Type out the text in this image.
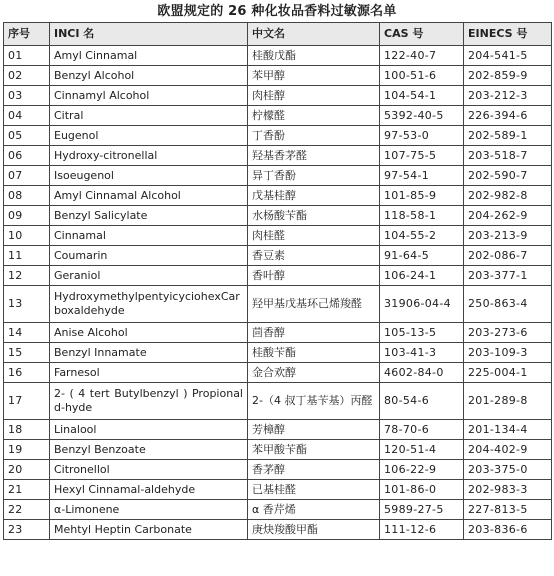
欧盟规定的 26 种化妆品香料过敏源名单
序号	INCI 名	中文名	CAS 号	EINECS 号
01	Amyl Cinnamal	桂酸戊酯	122-40-7	204-541-5
02	Benzyl Alcohol	苯甲醇	100-51-6	202-859-9
03	Cinnamyl Alcohol	肉桂醇	104-54-1	203-212-3
04	Citral	柠檬醛	5392-40-5	226-394-6
05	Eugenol	丁香酚	97-53-0	202-589-1
06	Hydroxy-citronellal	羟基香茅醛	107-75-5	203-518-7
07	Isoeugenol	异丁香酚	97-54-1	202-590-7
08	Amyl Cinnamal Alcohol	戊基桂醇	101-85-9	202-982-8
09	Benzyl Salicylate	水杨酸苄酯	118-58-1	204-262-9
10	Cinnamal	肉桂醛	104-55-2	203-213-9
11	Coumarin	香豆素	91-64-5	202-086-7
12	Geraniol	香叶醇	106-24-1	203-377-1
13	HydroxymethylpentyicyciohexCarboxaldehyde	羟甲基戊基环己烯羧醛	31906-04-4	250-863-4
14	Anise Alcohol	茴香醇	105-13-5	203-273-6
15	Benzyl Innamate	桂酸苄酯	103-41-3	203-109-3
16	Farnesol	金合欢醇	4602-84-0	225-004-1
17	2- ( 4 tert Butylbenzyl ) Propionald-hyde	2-（4 叔丁基苄基）丙醛	80-54-6	201-289-8
18	Linalool	芳樟醇	78-70-6	201-134-4
19	Benzyl Benzoate	苯甲酸苄酯	120-51-4	204-402-9
20	Citronellol	香茅醇	106-22-9	203-375-0
21	Hexyl Cinnamal-aldehyde	已基桂醛	101-86-0	202-983-3
22	α-Limonene	α 香芹烯	5989-27-5	227-813-5
23	Mehtyl Heptin Carbonate	庚炔羧酸甲酯	111-12-6	203-836-6
